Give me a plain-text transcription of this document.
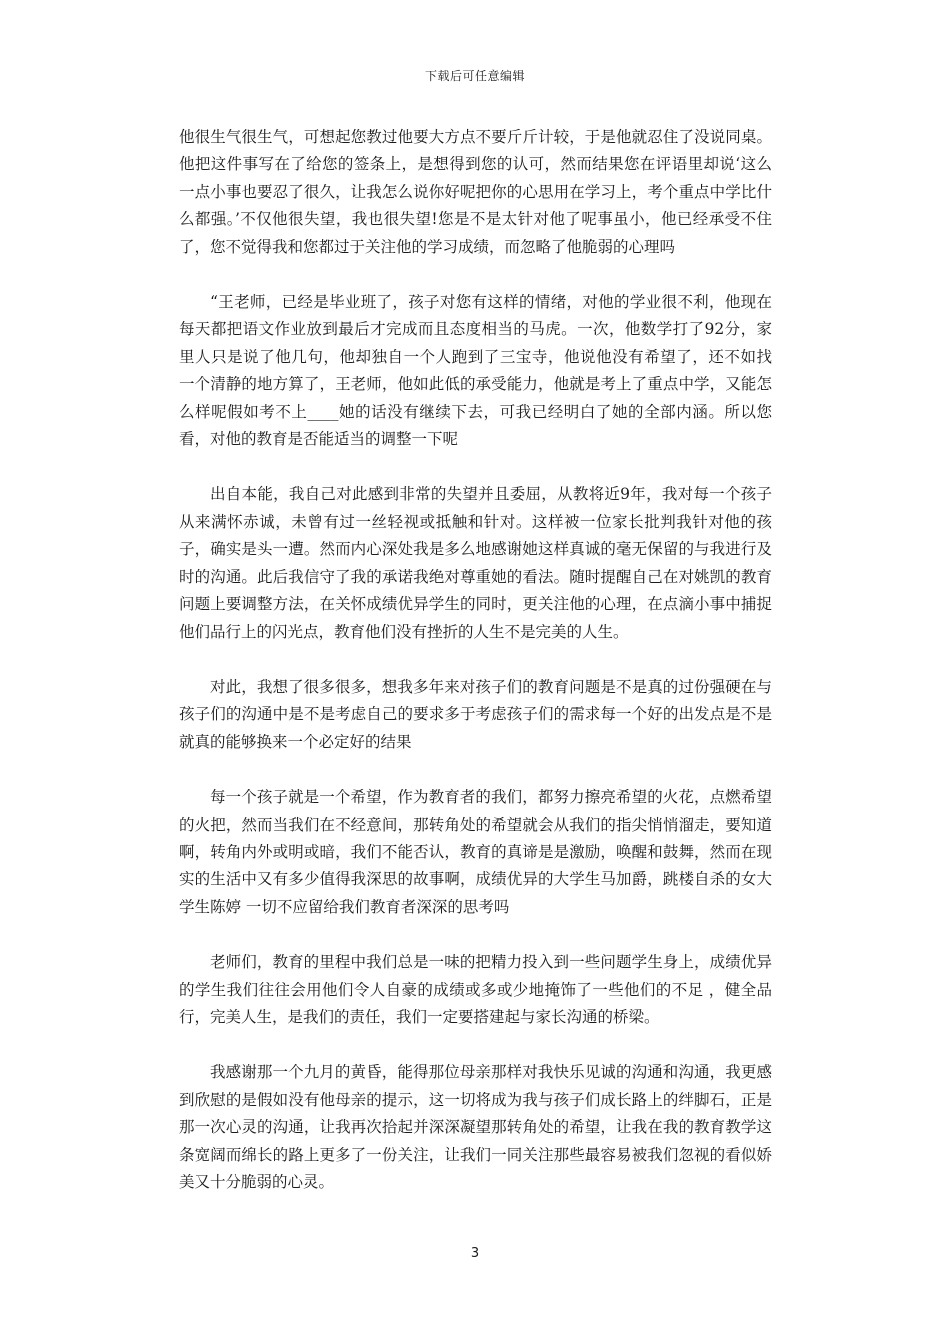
下载后可任意编辑

他很生气很生气，可想起您教过他要大方点不要斤斤计较，于是他就忍住了没说同桌。他把这件事写在了给您的签条上，是想得到您的认可，然而结果您在评语里却说‘这么一点小事也要忍了很久，让我怎么说你好呢把你的心思用在学习上，考个重点中学比什么都强。’不仅他很失望，我也很失望!您是不是太针对他了呢事虽小，他已经承受不住了，您不觉得我和您都过于关注他的学习成绩，而忽略了他脆弱的心理吗

“王老师，已经是毕业班了，孩子对您有这样的情绪，对他的学业很不利，他现在每天都把语文作业放到最后才完成而且态度相当的马虎。一次，他数学打了92分，家里人只是说了他几句，他却独自一个人跑到了三宝寺，他说他没有希望了，还不如找 一个清静的地方算了，王老师，他如此低的承受能力，他就是考上了重点中学，又能怎么样呢假如考不上____她的话没有继续下去，可我已经明白了她的全部内涵。所以您看，对他的教育是否能适当的调整一下呢

出自本能，我自己对此感到非常的失望并且委屈，从教将近9年，我对每一个孩子从来满怀赤诚，未曾有过一丝轻视或抵触和针对。这样被一位家长批判我针对他的孩子，确实是头一遭。然而内心深处我是多么地感谢她这样真诚的毫无保留的与我进行及时的沟通。此后我信守了我的承诺我绝对尊重她的看法。随时提醒自己在对姚凯的教育问题上要调整方法，在关怀成绩优异学生的同时，更关注他的心理，在点滴小事中捕捉他们品行上的闪光点，教育他们没有挫折的人生不是完美的人生。

对此，我想了很多很多，想我多年来对孩子们的教育问题是不是真的过份强硬在与孩子们的沟通中是不是考虑自己的要求多于考虑孩子们的需求每一个好的出发点是不是就真的能够换来一个必定好的结果

每一个孩子就是一个希望，作为教育者的我们，都努力擦亮希望的火花，点燃希望的火把，然而当我们在不经意间，那转角处的希望就会从我们的指尖悄悄溜走，要知道啊，转角内外或明或暗，我们不能否认，教育的真谛是是激励，唤醒和鼓舞，然而在现实的生活中又有多少值得我深思的故事啊，成绩优异的大学生马加爵，跳楼自杀的女大学生陈婷 一切不应留给我们教育者深深的思考吗

老师们，教育的里程中我们总是一味的把精力投入到一些问题学生身上，成绩优异的学生我们往往会用他们令人自豪的成绩或多或少地掩饰了一些他们的不足 ，健全品行，完美人生，是我们的责任，我们一定要搭建起与家长沟通的桥梁。

我感谢那一个九月的黄昏，能得那位母亲那样对我快乐见诚的沟通和沟通，我更感到欣慰的是假如没有他母亲的提示，这一切将成为我与孩子们成长路上的绊脚石，正是那一次心灵的沟通，让我再次拾起并深深凝望那转角处的希望，让我在我的教育教学这条宽阔而绵长的路上更多了一份关注，让我们一同关注那些最容易被我们忽视的看似娇美又十分脆弱的心灵。

3
